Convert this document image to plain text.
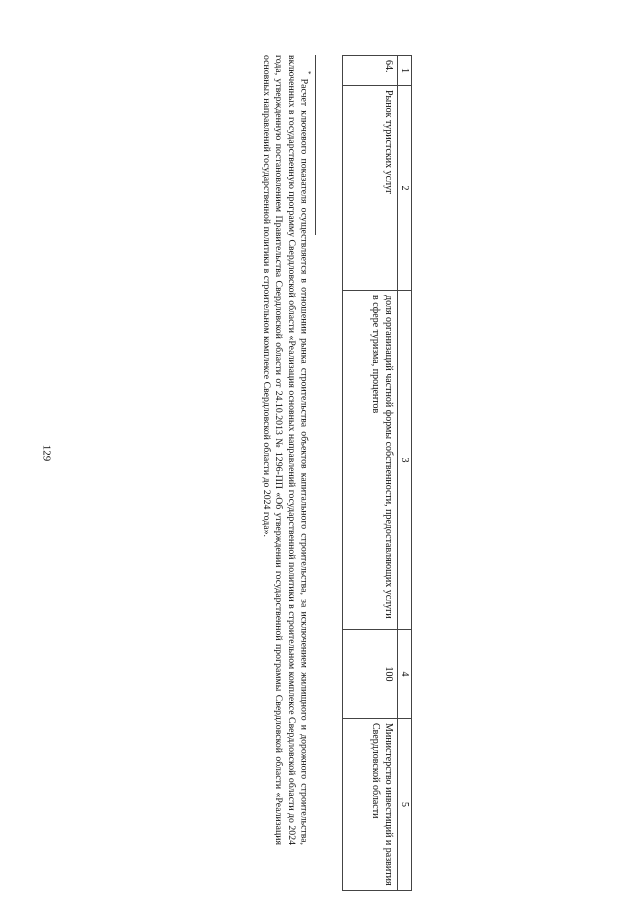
129
1	2	3	4	5
64.	Рынок туристских услуг	доля организаций частной формы собственности, предоставляющих услуги в сфере туризма, процентов	100	Министерство инвестиций и развития Свердловской области
* Расчет ключевого показателя осуществляется в отношении рынка строительства объектов капитального строительства, за исключением жилищного и дорожного строительства, включенных в государственную программу Свердловской области «Реализация основных направлений государственной политики в строительном комплексе Свердловской области до 2024 года, утвержденную постановлением Правительства Свердловской области от 24.10.2013 № 1296-ПП «Об утверждении государственной программы Свердловской области «Реализация основных направлений государственной политики в строительном комплексе Свердловской области до 2024 года».
